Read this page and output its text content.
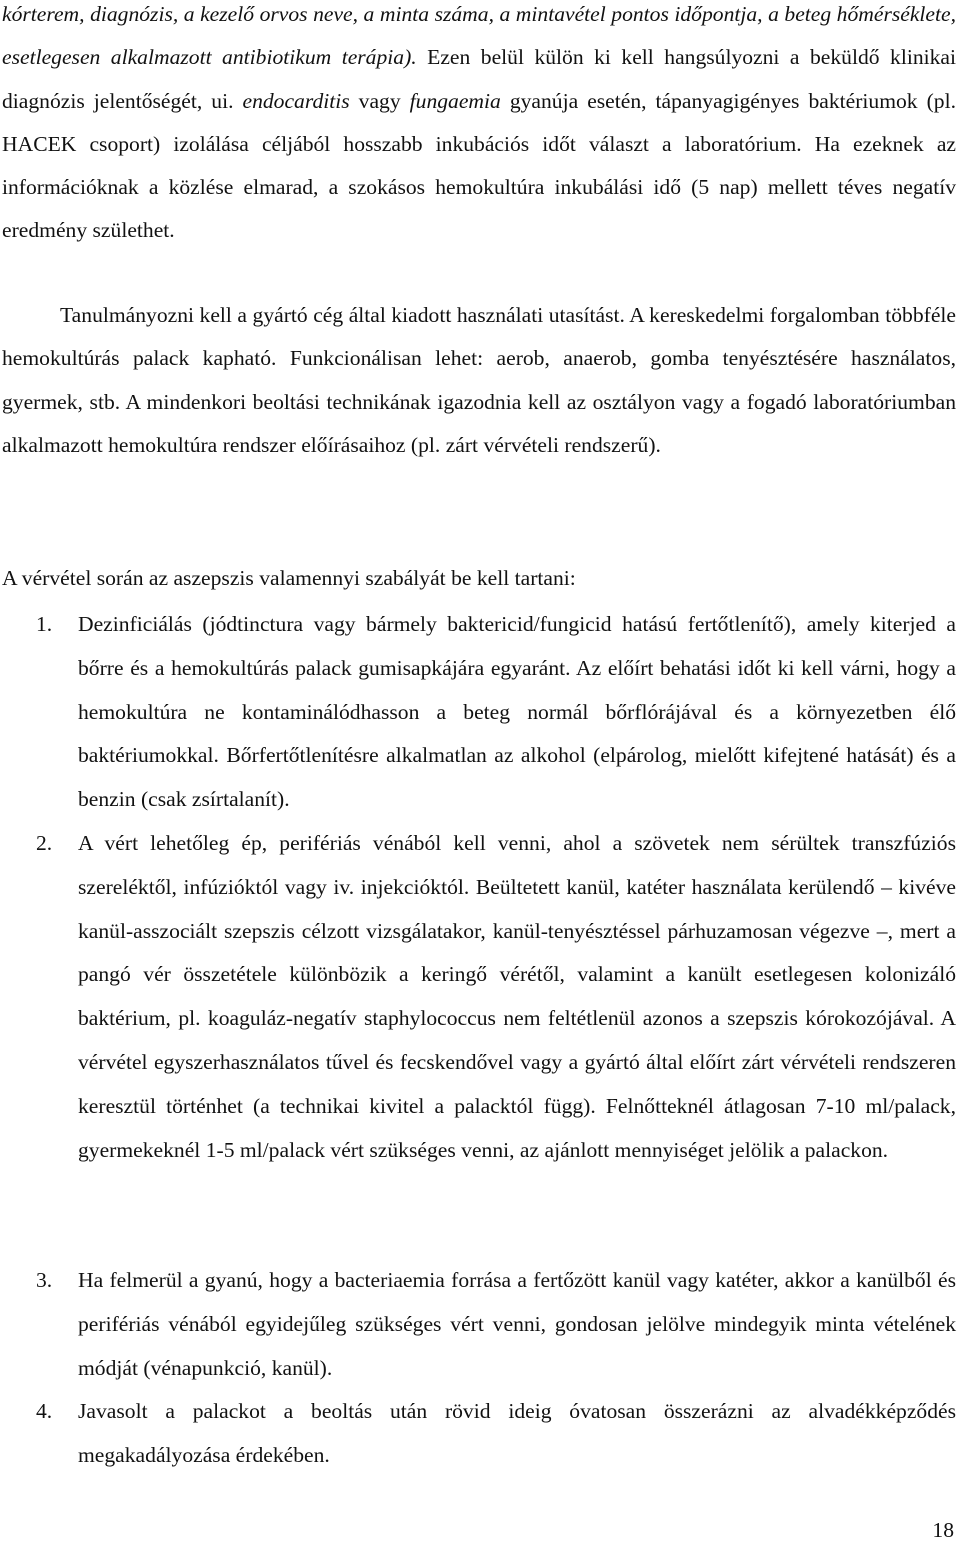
kórterem, diagnózis, a kezelő orvos neve, a minta száma, a mintavétel pontos időpontja, a beteg hőmérséklete, esetlegesen alkalmazott antibiotikum terápia). Ezen belül külön ki kell hangsúlyozni a beküldő klinikai diagnózis jelentőségét, ui. endocarditis vagy fungaemia gyanúja esetén, tápanyagigényes baktériumok (pl. HACEK csoport) izolálása céljából hosszabb inkubációs időt választ a laboratórium. Ha ezeknek az információknak a közlése elmarad, a szokásos hemokultúra inkubálási idő (5 nap) mellett téves negatív eredmény születhet.

Tanulmányozni kell a gyártó cég által kiadott használati utasítást. A kereskedelmi forgalomban többféle hemokultúrás palack kapható. Funkcionálisan lehet: aerob, anaerob, gomba tenyésztésére használatos, gyermek, stb. A mindenkori beoltási technikának igazodnia kell az osztályon vagy a fogadó laboratóriumban alkalmazott hemokultúra rendszer előírásaihoz (pl. zárt vérvételi rendszerű).

A vérvétel során az aszepszis valamennyi szabályát be kell tartani:

1. Dezinficiálás (jódtinctura vagy bármely baktericid/fungicid hatású fertőtlenítő), amely kiterjed a bőrre és a hemokultúrás palack gumisapkájára egyaránt. Az előírt behatási időt ki kell várni, hogy a hemokultúra ne kontaminálódhasson a beteg normál bőrflórájával és a környezetben élő baktériumokkal. Bőrfertőtlenítésre alkalmatlan az alkohol (elpárolog, mielőtt kifejtené hatását) és a benzin (csak zsírtalanít).

2. A vért lehetőleg ép, perifériás vénából kell venni, ahol a szövetek nem sérültek transzfúziós szereléktől, infúzióktól vagy iv. injekcióktól. Beültetett kanül, katéter használata kerülendő – kivéve kanül-asszociált szepszis célzott vizsgálatakor, kanül-tenyésztéssel párhuzamosan végezve –, mert a pangó vér összetétele különbözik a keringő vérétől, valamint a kanült esetlegesen kolonizáló baktérium, pl. koaguláz-negatív staphylococcus nem feltétlenül azonos a szepszis kórokozójával. A vérvétel egyszerhasználatos tűvel és fecskendővel vagy a gyártó által előírt zárt vérvételi rendszeren keresztül történhet (a technikai kivitel a palacktól függ). Felnőtteknél átlagosan 7-10 ml/palack, gyermekeknél 1-5 ml/palack vért szükséges venni, az ajánlott mennyiséget jelölik a palackon.

3. Ha felmerül a gyanú, hogy a bacteriaemia forrása a fertőzött kanül vagy katéter, akkor a kanülből és perifériás vénából egyidejűleg szükséges vért venni, gondosan jelölve mindegyik minta vételének módját (vénapunkció, kanül).

4. Javasolt a palackot a beoltás után rövid ideig óvatosan összerázni az alvadékképződés megakadályozása érdekében.

18
